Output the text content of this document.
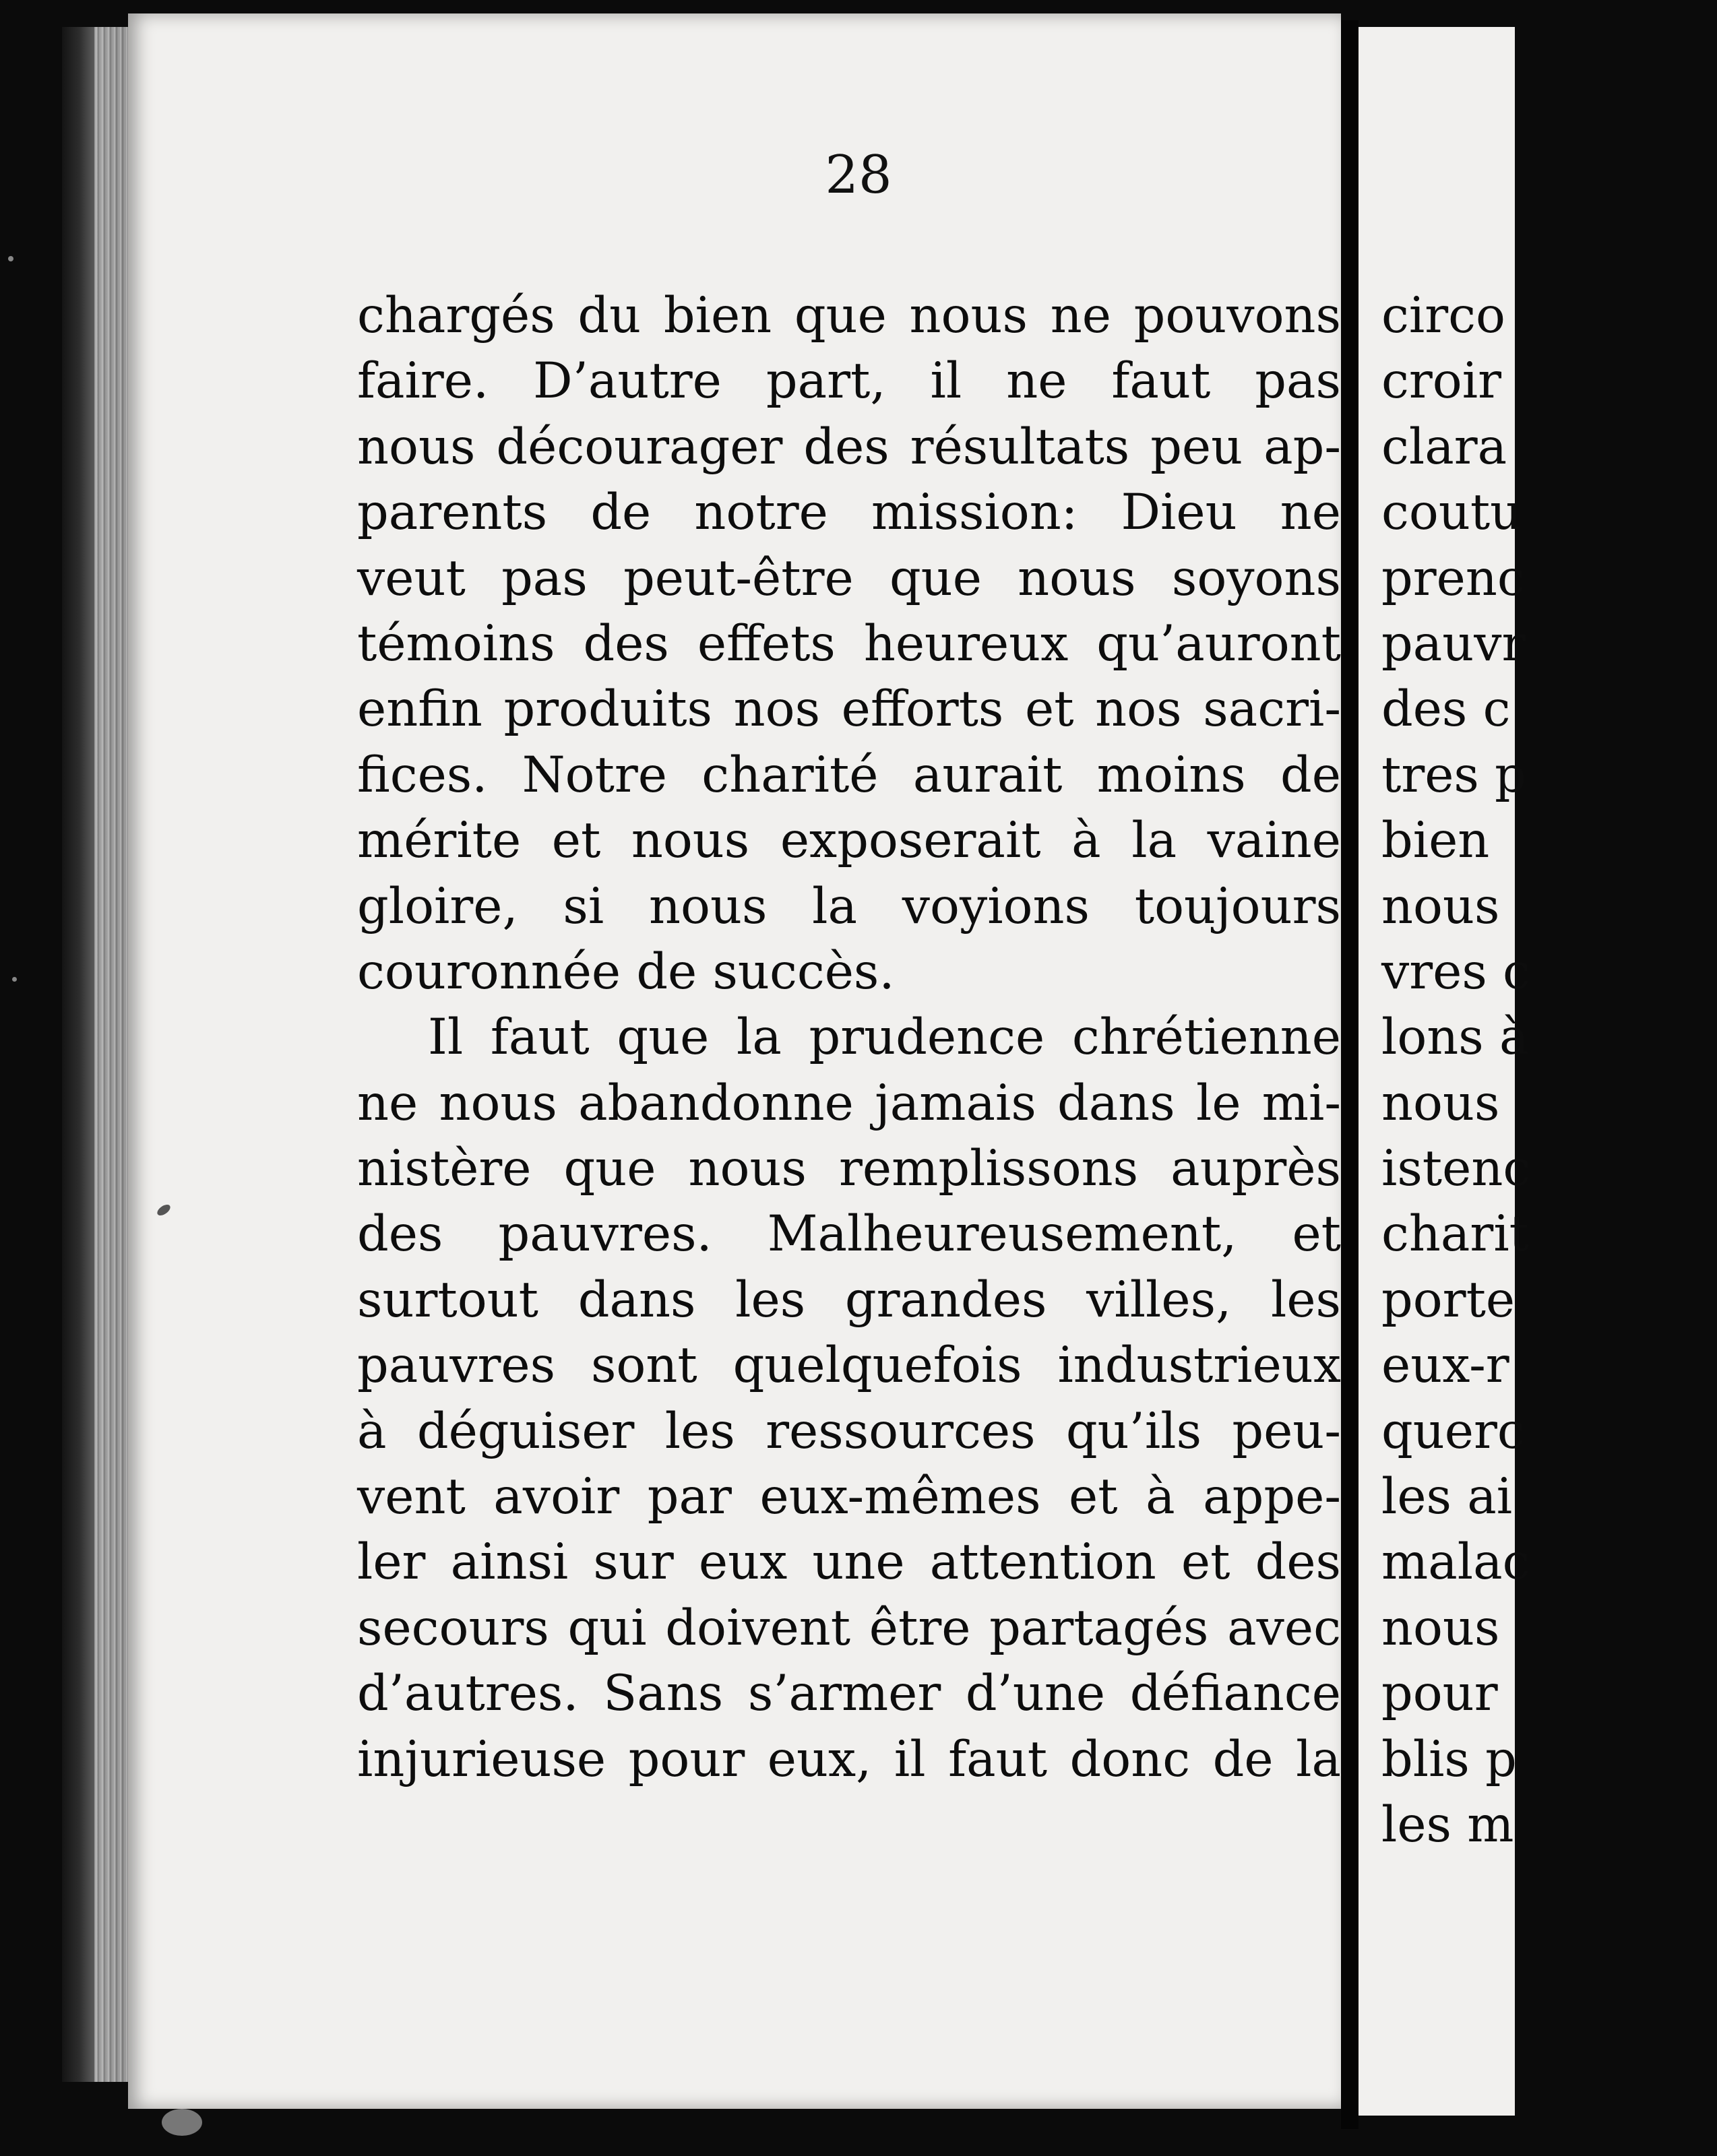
28

chargés du bien que nous ne pouvons
faire. D’autre part, il ne faut pas
nous décourager des résultats peu ap-
parents de notre mission: Dieu ne
veut pas peut-être que nous soyons
témoins des effets heureux qu’auront
enfin produits nos efforts et nos sacri-
fices. Notre charité aurait moins de
mérite et nous exposerait à la vaine
gloire, si nous la voyions toujours
couronnée de succès.
Il faut que la prudence chrétienne
ne nous abandonne jamais dans le mi-
nistère que nous remplissons auprès
des pauvres. Malheureusement, et
surtout dans les grandes villes, les
pauvres sont quelquefois industrieux
à déguiser les ressources qu’ils peu-
vent avoir par eux-mêmes et à appe-
ler ainsi sur eux une attention et des
secours qui doivent être partagés avec
d’autres. Sans s’armer d’une défiance
injurieuse pour eux, il faut donc de la
circo
croir
clara
coutu
prenc
pauvr
des c
tres p
bien
nous
vres c
lons à
nous
istenc
charit
porte
eux-r
querc
les ai
malac
nous
pour
blis p
les m
